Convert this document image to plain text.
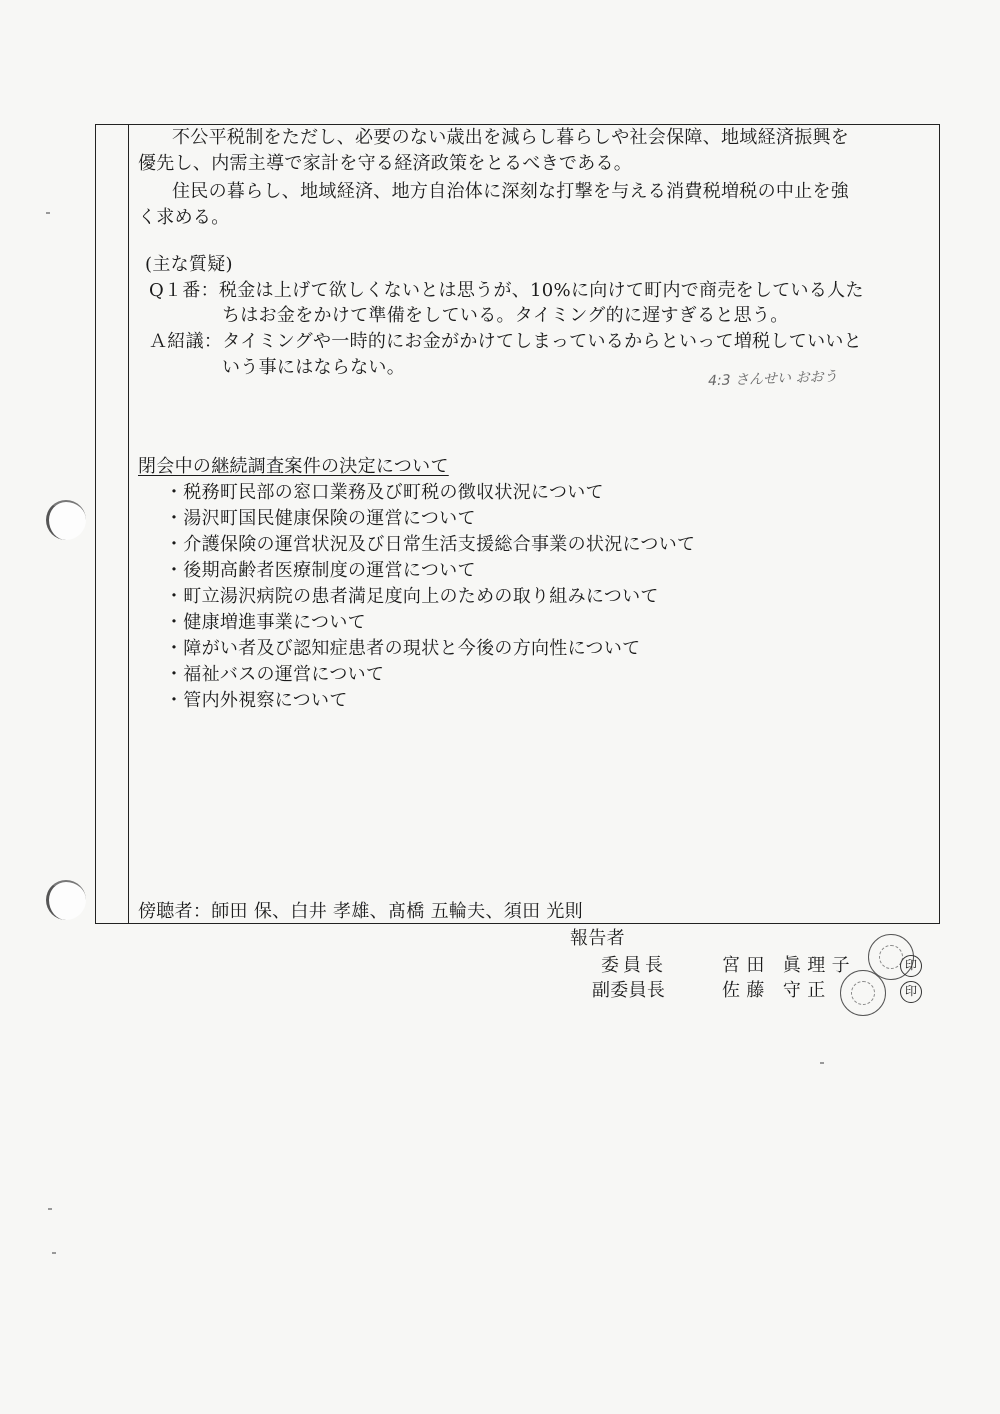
不公平税制をただし、必要のない歳出を減らし暮らしや社会保障、地域経済振興を
優先し、内需主導で家計を守る経済政策をとるべきである。
住民の暮らし、地域経済、地方自治体に深刻な打撃を与える消費税増税の中止を強
く求める。
(主な質疑)
Q１番：税金は上げて欲しくないとは思うが、10%に向けて町内で商売をしている人た
ちはお金をかけて準備をしている。タイミング的に遅すぎると思う。
Ａ紹議：タイミングや一時的にお金がかけてしまっているからといって増税していいと
いう事にはならない。
4:3 さんせい おおう
閉会中の継続調査案件の決定について
・税務町民部の窓口業務及び町税の徴収状況について
・湯沢町国民健康保険の運営について
・介護保険の運営状況及び日常生活支援総合事業の状況について
・後期高齢者医療制度の運営について
・町立湯沢病院の患者満足度向上のための取り組みについて
・健康増進事業について
・障がい者及び認知症患者の現状と今後の方向性について
・福祉バスの運営について
・管内外視察について
傍聴者：師田 保、白井 孝雄、髙橋 五輪夫、須田 光則
報告者
委員長	宮 田　眞 理 子
副委員長	佐 藤　守 正
印
印
